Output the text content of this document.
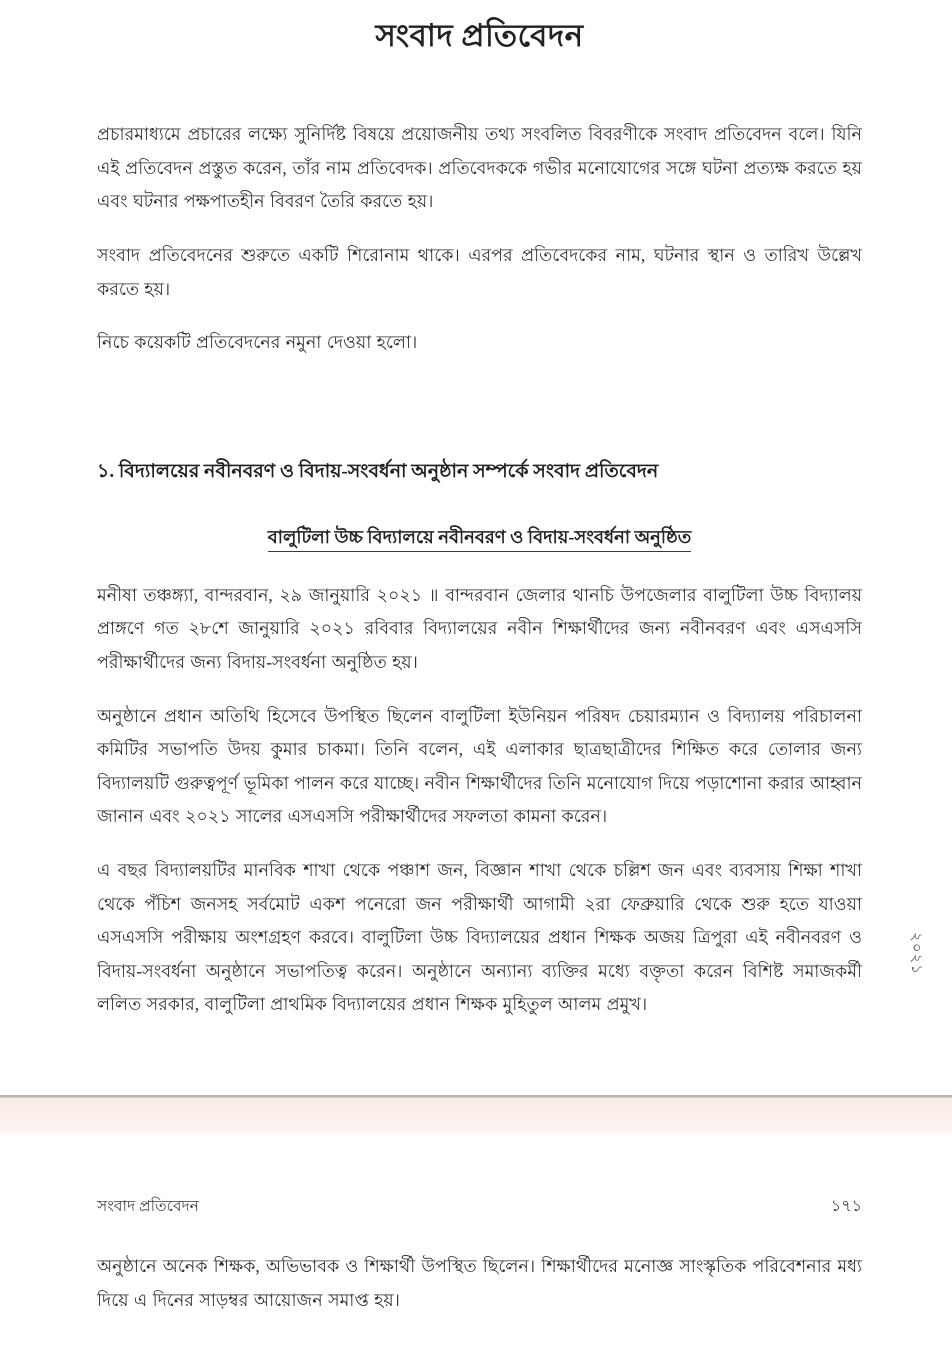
সংবাদ প্রতিবেদন

প্রচারমাধ্যমে প্রচারের লক্ষ্যে সুনির্দিষ্ট বিষয়ে প্রয়োজনীয় তথ্য সংবলিত বিবরণীকে সংবাদ প্রতিবেদন বলে। যিনি এই প্রতিবেদন প্রস্তুত করেন, তাঁর নাম প্রতিবেদক। প্রতিবেদককে গভীর মনোযোগের সঙ্গে ঘটনা প্রত্যক্ষ করতে হয় এবং ঘটনার পক্ষপাতহীন বিবরণ তৈরি করতে হয়।

সংবাদ প্রতিবেদনের শুরুতে একটি শিরোনাম থাকে। এরপর প্রতিবেদকের নাম, ঘটনার স্থান ও তারিখ উল্লেখ করতে হয়।

নিচে কয়েকটি প্রতিবেদনের নমুনা দেওয়া হলো।

১. বিদ্যালয়ের নবীনবরণ ও বিদায়-সংবর্ধনা অনুষ্ঠান সম্পর্কে সংবাদ প্রতিবেদন
বালুটিলা উচ্চ বিদ্যালয়ে নবীনবরণ ও বিদায়-সংবর্ধনা অনুষ্ঠিত

মনীষা তঞ্চঙ্গ্যা, বান্দরবান, ২৯ জানুয়ারি ২০২১ ॥ বান্দরবান জেলার থানচি উপজেলার বালুটিলা উচ্চ বিদ্যালয় প্রাঙ্গণে গত ২৮শে জানুয়ারি ২০২১ রবিবার বিদ্যালয়ের নবীন শিক্ষার্থীদের জন্য নবীনবরণ এবং এসএসসি পরীক্ষার্থীদের জন্য বিদায়-সংবর্ধনা অনুষ্ঠিত হয়।

অনুষ্ঠানে প্রধান অতিথি হিসেবে উপস্থিত ছিলেন বালুটিলা ইউনিয়ন পরিষদ চেয়ারম্যান ও বিদ্যালয় পরিচালনা কমিটির সভাপতি উদয় কুমার চাকমা। তিনি বলেন, এই এলাকার ছাত্রছাত্রীদের শিক্ষিত করে তোলার জন্য বিদ্যালয়টি গুরুত্বপূর্ণ ভূমিকা পালন করে যাচ্ছে। নবীন শিক্ষার্থীদের তিনি মনোযোগ দিয়ে পড়াশোনা করার আহ্বান জানান এবং ২০২১ সালের এসএসসি পরীক্ষার্থীদের সফলতা কামনা করেন।

এ বছর বিদ্যালয়টির মানবিক শাখা থেকে পঞ্চাশ জন, বিজ্ঞান শাখা থেকে চল্লিশ জন এবং ব্যবসায় শিক্ষা শাখা থেকে পঁচিশ জনসহ সর্বমোট একশ পনেরো জন পরীক্ষার্থী আগামী ২রা ফেব্রুয়ারি থেকে শুরু হতে যাওয়া এসএসসি পরীক্ষায় অংশগ্রহণ করবে। বালুটিলা উচ্চ বিদ্যালয়ের প্রধান শিক্ষক অজয় ত্রিপুরা এই নবীনবরণ ও বিদায়-সংবর্ধনা অনুষ্ঠানে সভাপতিত্ব করেন। অনুষ্ঠানে অন্যান্য ব্যক্তির মধ্যে বক্তৃতা করেন বিশিষ্ট সমাজকর্মী ললিত সরকার, বালুটিলা প্রাথমিক বিদ্যালয়ের প্রধান শিক্ষক মুহিতুল আলম প্রমুখ।

২০২১
সংবাদ প্রতিবেদন	১৭১

অনুষ্ঠানে অনেক শিক্ষক, অভিভাবক ও শিক্ষার্থী উপস্থিত ছিলেন। শিক্ষার্থীদের মনোজ্ঞ সাংস্কৃতিক পরিবেশনার মধ্য দিয়ে এ দিনের সাড়ম্বর আয়োজন সমাপ্ত হয়।
